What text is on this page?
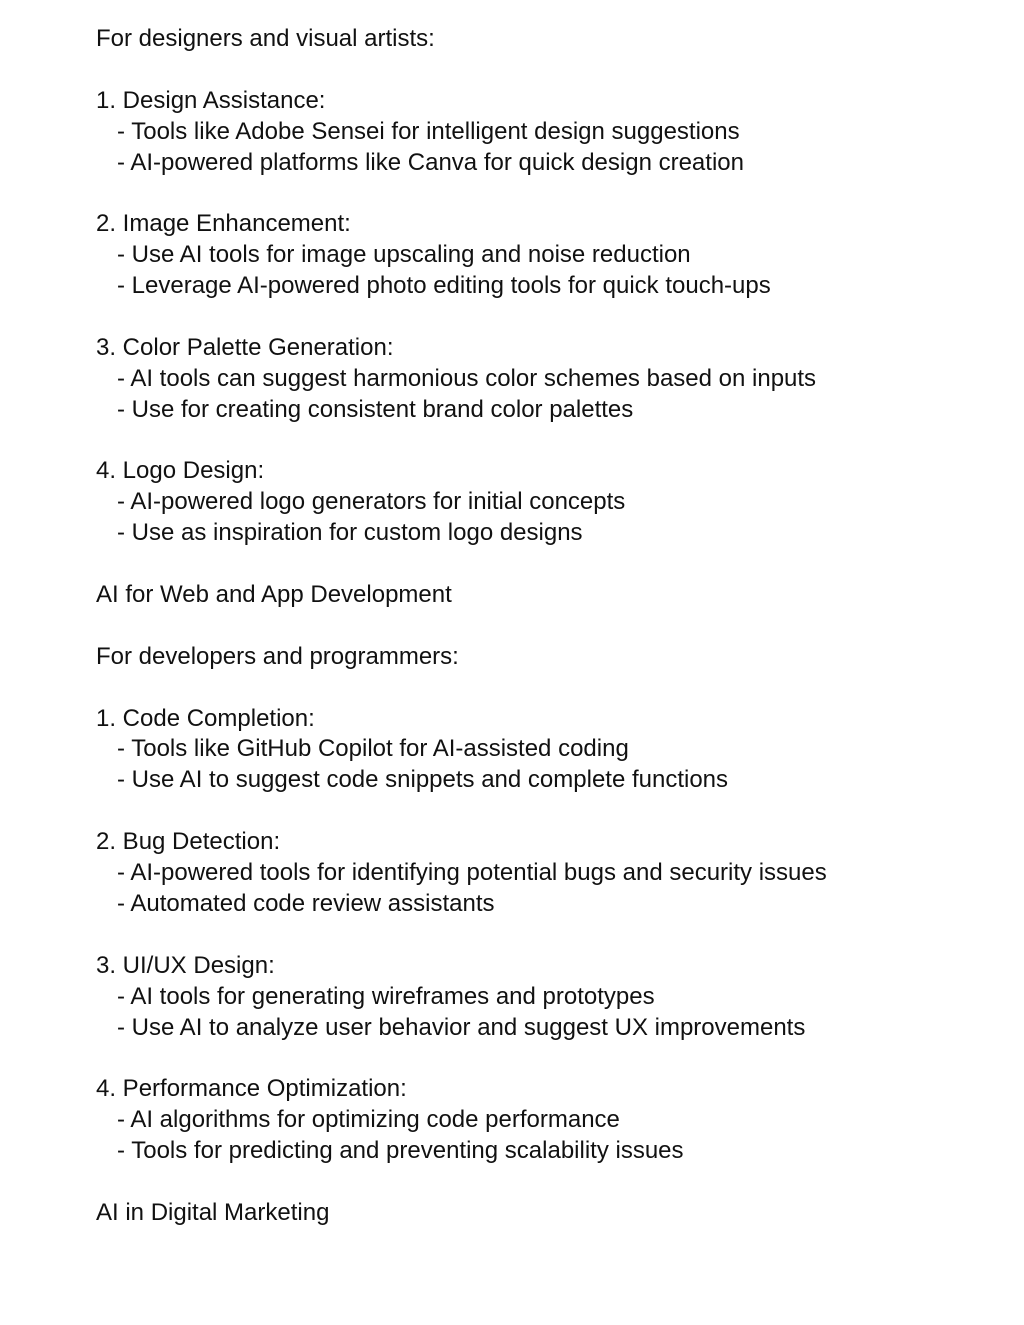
For designers and visual artists:
1. Design Assistance:
- Tools like Adobe Sensei for intelligent design suggestions
- AI-powered platforms like Canva for quick design creation
2. Image Enhancement:
- Use AI tools for image upscaling and noise reduction
- Leverage AI-powered photo editing tools for quick touch-ups
3. Color Palette Generation:
- AI tools can suggest harmonious color schemes based on inputs
- Use for creating consistent brand color palettes
4. Logo Design:
- AI-powered logo generators for initial concepts
- Use as inspiration for custom logo designs
AI for Web and App Development
For developers and programmers:
1. Code Completion:
- Tools like GitHub Copilot for AI-assisted coding
- Use AI to suggest code snippets and complete functions
2. Bug Detection:
- AI-powered tools for identifying potential bugs and security issues
- Automated code review assistants
3. UI/UX Design:
- AI tools for generating wireframes and prototypes
- Use AI to analyze user behavior and suggest UX improvements
4. Performance Optimization:
- AI algorithms for optimizing code performance
- Tools for predicting and preventing scalability issues
AI in Digital Marketing
